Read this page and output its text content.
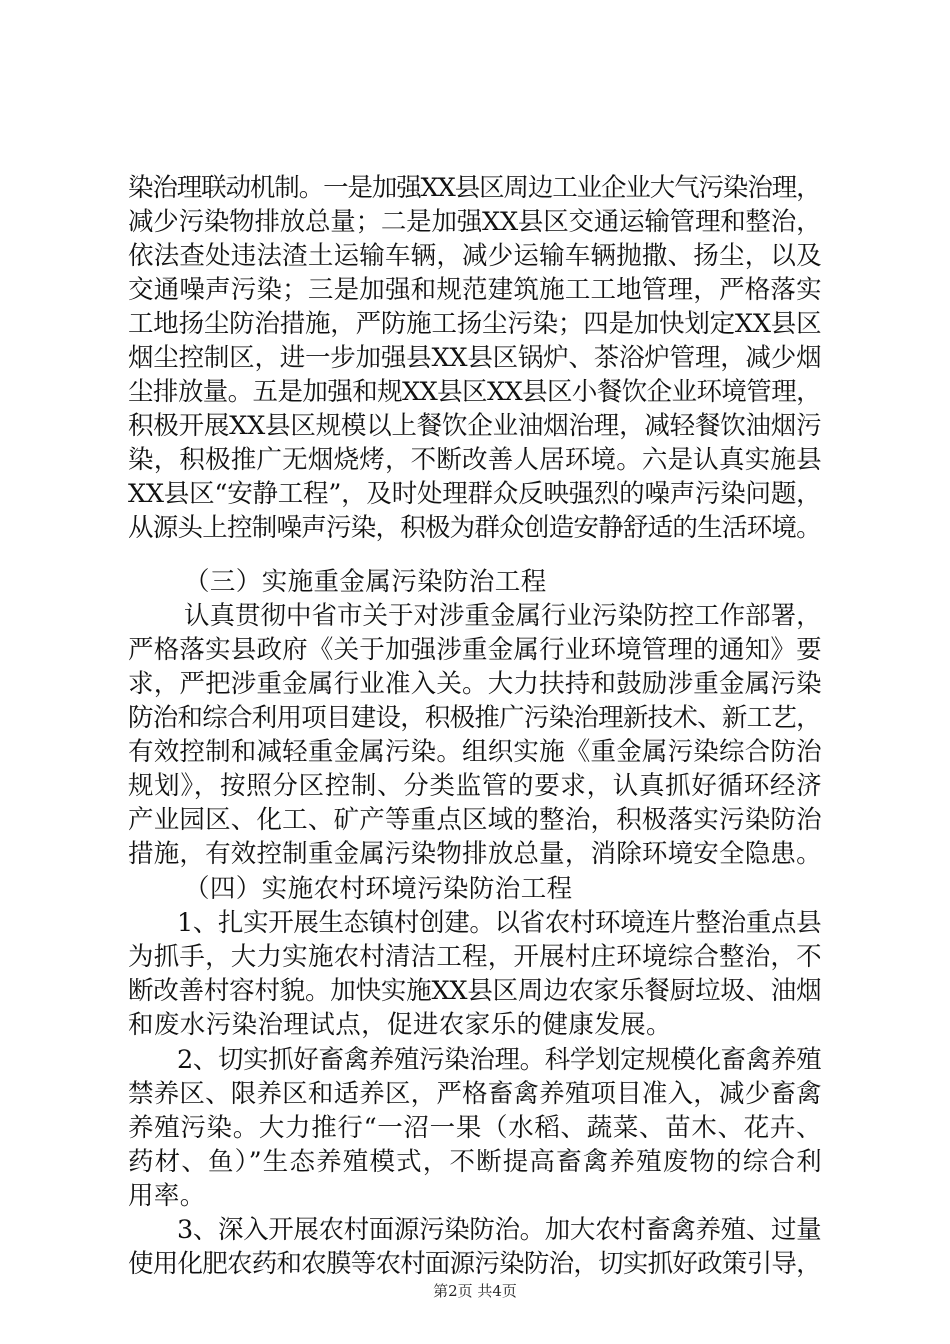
染治理联动机制。一是加强XX县区周边工业企业大气污染治理，
减少污染物排放总量；二是加强XX县区交通运输管理和整治，
依法查处违法渣土运输车辆，减少运输车辆抛撒、扬尘，以及
交通噪声污染；三是加强和规范建筑施工工地管理，严格落实
工地扬尘防治措施，严防施工扬尘污染；四是加快划定XX县区
烟尘控制区，进一步加强县XX县区锅炉、茶浴炉管理，减少烟
尘排放量。五是加强和规XX县区XX县区小餐饮企业环境管理，
积极开展XX县区规模以上餐饮企业油烟治理，减轻餐饮油烟污
染，积极推广无烟烧烤，不断改善人居环境。六是认真实施县
XX县区“安静工程”，及时处理群众反映强烈的噪声污染问题，
从源头上控制噪声污染，积极为群众创造安静舒适的生活环境。
（三）实施重金属污染防治工程
认真贯彻中省市关于对涉重金属行业污染防控工作部署，
严格落实县政府《关于加强涉重金属行业环境管理的通知》要
求，严把涉重金属行业准入关。大力扶持和鼓励涉重金属污染
防治和综合利用项目建设，积极推广污染治理新技术、新工艺，
有效控制和减轻重金属污染。组织实施《重金属污染综合防治
规划》，按照分区控制、分类监管的要求，认真抓好循环经济
产业园区、化工、矿产等重点区域的整治，积极落实污染防治
措施，有效控制重金属污染物排放总量，消除环境安全隐患。
（四）实施农村环境污染防治工程
1、扎实开展生态镇村创建。以省农村环境连片整治重点县
为抓手，大力实施农村清洁工程，开展村庄环境综合整治，不
断改善村容村貌。加快实施XX县区周边农家乐餐厨垃圾、油烟
和废水污染治理试点，促进农家乐的健康发展。
2、切实抓好畜禽养殖污染治理。科学划定规模化畜禽养殖
禁养区、限养区和适养区，严格畜禽养殖项目准入，减少畜禽
养殖污染。大力推行“一沼一果（水稻、蔬菜、苗木、花卉、
药材、鱼）”生态养殖模式，不断提高畜禽养殖废物的综合利
用率。
3、深入开展农村面源污染防治。加大农村畜禽养殖、过量
使用化肥农药和农膜等农村面源污染防治，切实抓好政策引导，
第2页 共4页
